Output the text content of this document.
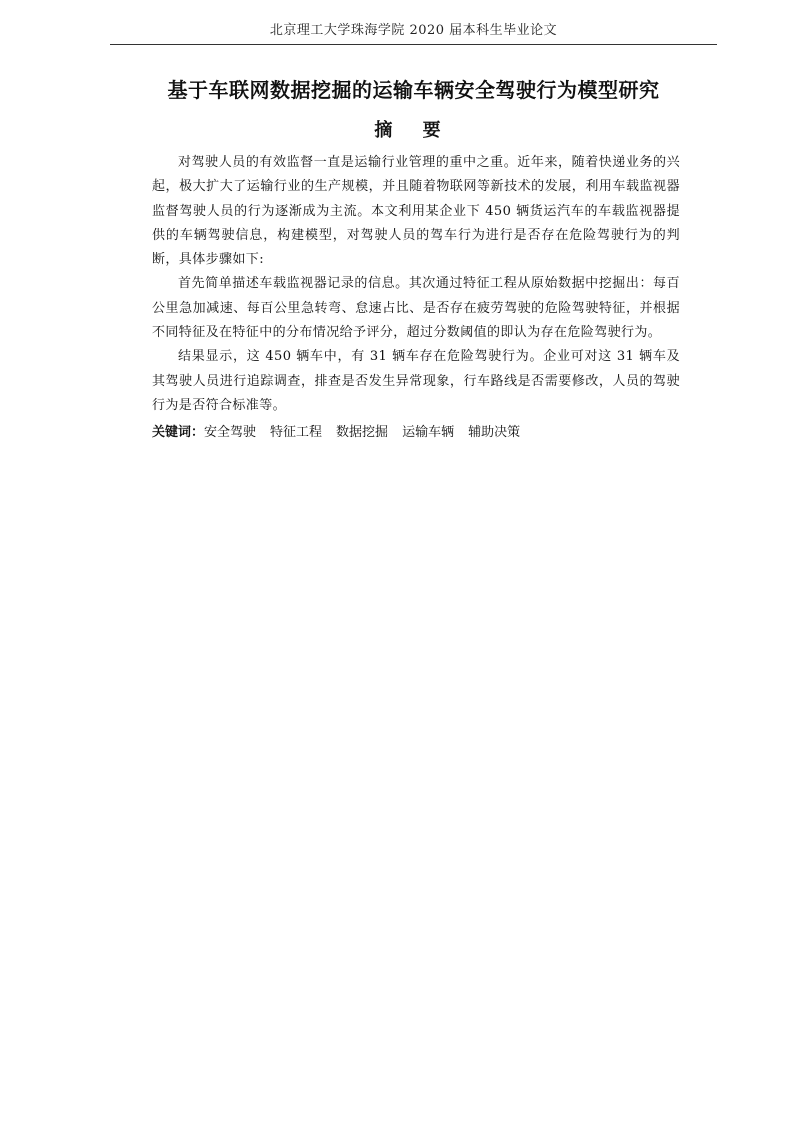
北京理工大学珠海学院 2020 届本科生毕业论文
基于车联网数据挖掘的运输车辆安全驾驶行为模型研究
摘 要

对驾驶人员的有效监督一直是运输行业管理的重中之重。近年来，随着快递业务的兴起，极大扩大了运输行业的生产规模，并且随着物联网等新技术的发展，利用车载监视器监督驾驶人员的行为逐渐成为主流。本文利用某企业下 450 辆货运汽车的车载监视器提供的车辆驾驶信息，构建模型，对驾驶人员的驾车行为进行是否存在危险驾驶行为的判断，具体步骤如下:

首先简单描述车载监视器记录的信息。其次通过特征工程从原始数据中挖掘出：每百公里急加减速、每百公里急转弯、怠速占比、是否存在疲劳驾驶的危险驾驶特征，并根据不同特征及在特征中的分布情况给予评分，超过分数阈值的即认为存在危险驾驶行为。

结果显示，这 450 辆车中，有 31 辆车存在危险驾驶行为。企业可对这 31 辆车及其驾驶人员进行追踪调查，排查是否发生异常现象，行车路线是否需要修改，人员的驾驶行为是否符合标准等。

关键词：安全驾驶 特征工程 数据挖掘 运输车辆 辅助决策
